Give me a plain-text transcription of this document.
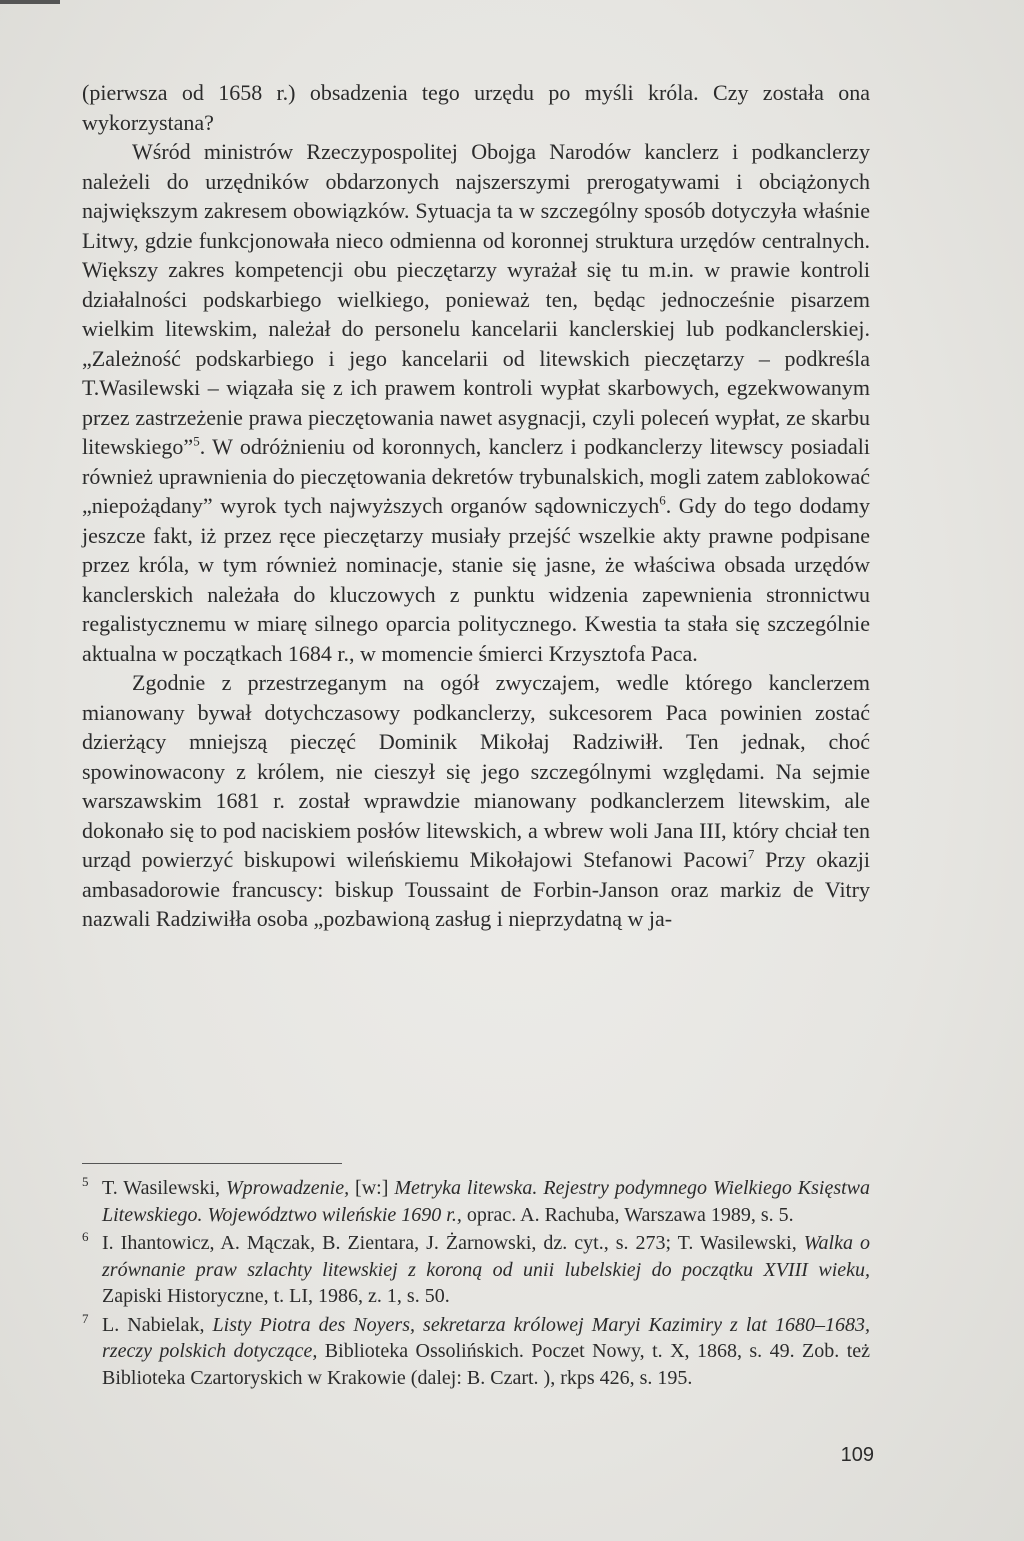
(pierwsza od 1658 r.) obsadzenia tego urzędu po myśli króla. Czy została ona wykorzystana?

Wśród ministrów Rzeczypospolitej Obojga Narodów kanclerz i podkanclerzy należeli do urzędników obdarzonych najszerszymi prerogatywami i obciążonych największym zakresem obowiązków. Sytuacja ta w szczególny sposób dotyczyła właśnie Litwy, gdzie funkcjonowała nieco odmienna od koronnej struktura urzędów centralnych. Większy zakres kompetencji obu pieczętarzy wyrażał się tu m.in. w prawie kontroli działalności podskarbiego wielkiego, ponieważ ten, będąc jednocześnie pisarzem wielkim litewskim, należał do personelu kancelarii kanclerskiej lub podkanclerskiej. „Zależność podskarbiego i jego kancelarii od litewskich pieczętarzy – podkreśla T.Wasilewski – wiązała się z ich prawem kontroli wypłat skarbowych, egzekwowanym przez zastrzeżenie prawa pieczętowania nawet asygnacji, czyli poleceń wypłat, ze skarbu litewskiego”$^5$. W odróżnieniu od koronnych, kanclerz i podkanclerzy litewscy posiadali również uprawnienia do pieczętowania dekretów trybunalskich, mogli zatem zablokować „niepożądany” wyrok tych najwyższych organów sądowniczych$^6$. Gdy do tego dodamy jeszcze fakt, iż przez ręce pieczętarzy musiały przejść wszelkie akty prawne podpisane przez króla, w tym również nominacje, stanie się jasne, że właściwa obsada urzędów kanclerskich należała do kluczowych z punktu widzenia zapewnienia stronnictwu regalistycznemu w miarę silnego oparcia politycznego. Kwestia ta stała się szczególnie aktualna w początkach 1684 r., w momencie śmierci Krzysztofa Paca.

Zgodnie z przestrzeganym na ogół zwyczajem, wedle którego kanclerzem mianowany bywał dotychczasowy podkanclerzy, sukcesorem Paca powinien zostać dzierżący mniejszą pieczęć Dominik Mikołaj Radziwiłł. Ten jednak, choć spowinowacony z królem, nie cieszył się jego szczególnymi względami. Na sejmie warszawskim 1681 r. został wprawdzie mianowany podkanclerzem litewskim, ale dokonało się to pod naciskiem posłów litewskich, a wbrew woli Jana III, który chciał ten urząd powierzyć biskupowi wileńskiemu Mikołajowi Stefanowi Pacowi$^7$ Przy okazji ambasadorowie francuscy: biskup Toussaint de Forbin-Janson oraz markiz de Vitry nazwali Radziwiłła osoba „pozbawioną zasług i nieprzydatną w ja-

5 T. Wasilewski, Wprowadzenie, [w:] Metryka litewska. Rejestry podymnego Wielkiego Księstwa Litewskiego. Województwo wileńskie 1690 r., oprac. A. Rachuba, Warszawa 1989, s. 5.

6 I. Ihantowicz, A. Mączak, B. Zientara, J. Żarnowski, dz. cyt., s. 273; T. Wasilewski, Walka o zrównanie praw szlachty litewskiej z koroną od unii lubelskiej do początku XVIII wieku, Zapiski Historyczne, t. LI, 1986, z. 1, s. 50.

7 L. Nabielak, Listy Piotra des Noyers, sekretarza królowej Maryi Kazimiry z lat 1680–1683, rzeczy polskich dotyczące, Biblioteka Ossolińskich. Poczet Nowy, t. X, 1868, s. 49. Zob. też Biblioteka Czartoryskich w Krakowie (dalej: B. Czart. ), rkps 426, s. 195.

109
